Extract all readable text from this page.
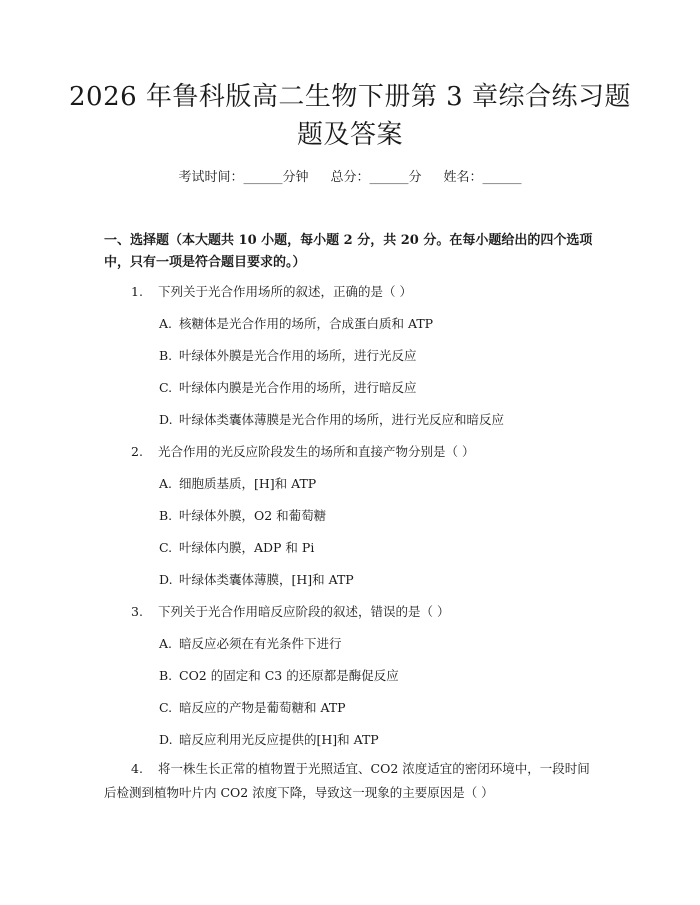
2026 年鲁科版高二生物下册第 3 章综合练习题题及答案
考试时间：______分钟 总分：______分 姓名：______
一、选择题（本大题共 10 小题，每小题 2 分，共 20 分。在每小题给出的四个选项中，只有一项是符合题目要求的。）
1. 下列关于光合作用场所的叙述，正确的是（ ）
A. 核糖体是光合作用的场所，合成蛋白质和 ATP
B. 叶绿体外膜是光合作用的场所，进行光反应
C. 叶绿体内膜是光合作用的场所，进行暗反应
D. 叶绿体类囊体薄膜是光合作用的场所，进行光反应和暗反应
2. 光合作用的光反应阶段发生的场所和直接产物分别是（ ）
A. 细胞质基质，[H]和 ATP
B. 叶绿体外膜，O2 和葡萄糖
C. 叶绿体内膜，ADP 和 Pi
D. 叶绿体类囊体薄膜，[H]和 ATP
3. 下列关于光合作用暗反应阶段的叙述，错误的是（ ）
A. 暗反应必须在有光条件下进行
B. CO2 的固定和 C3 的还原都是酶促反应
C. 暗反应的产物是葡萄糖和 ATP
D. 暗反应利用光反应提供的[H]和 ATP
4. 将一株生长正常的植物置于光照适宜、CO2 浓度适宜的密闭环境中，一段时间后检测到植物叶片内 CO2 浓度下降，导致这一现象的主要原因是（ ）
